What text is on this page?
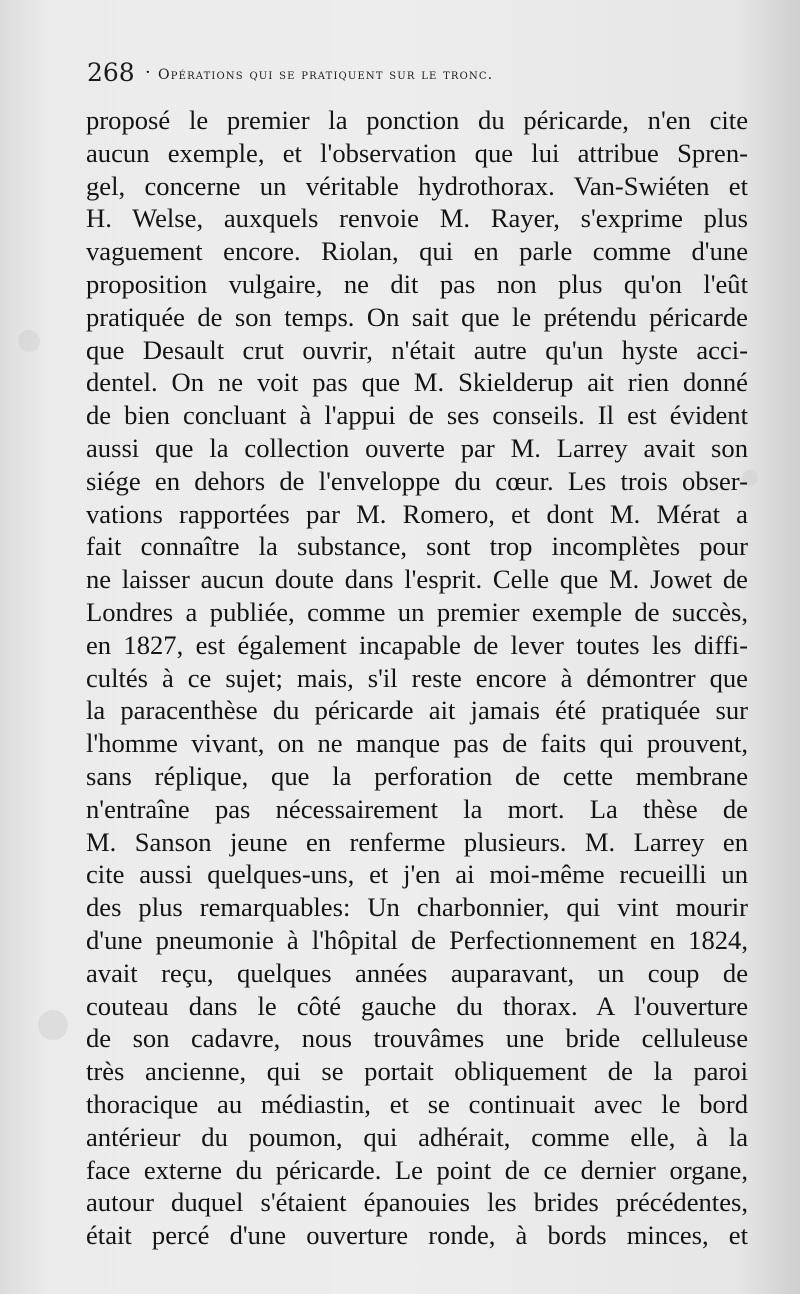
268 · Opérations qui se pratiquent sur le tronc.
proposé le premier la ponction du péricarde, n'en cite
aucun exemple, et l'observation que lui attribue Spren-
gel, concerne un véritable hydrothorax. Van-Swiéten et
H. Welse, auxquels renvoie M. Rayer, s'exprime plus
vaguement encore. Riolan, qui en parle comme d'une
proposition vulgaire, ne dit pas non plus qu'on l'eût
pratiquée de son temps. On sait que le prétendu péricarde
que Desault crut ouvrir, n'était autre qu'un hyste acci-
dentel. On ne voit pas que M. Skielderup ait rien donné
de bien concluant à l'appui de ses conseils. Il est évident
aussi que la collection ouverte par M. Larrey avait son
siége en dehors de l'enveloppe du cœur. Les trois obser-
vations rapportées par M. Romero, et dont M. Mérat a
fait connaître la substance, sont trop incomplètes pour
ne laisser aucun doute dans l'esprit. Celle que M. Jowet de
Londres a publiée, comme un premier exemple de succès,
en 1827, est également incapable de lever toutes les diffi-
cultés à ce sujet; mais, s'il reste encore à démontrer que
la paracenthèse du péricarde ait jamais été pratiquée sur
l'homme vivant, on ne manque pas de faits qui prouvent,
sans réplique, que la perforation de cette membrane
n'entraîne pas nécessairement la mort. La thèse de
M. Sanson jeune en renferme plusieurs. M. Larrey en
cite aussi quelques-uns, et j'en ai moi-même recueilli un
des plus remarquables: Un charbonnier, qui vint mourir
d'une pneumonie à l'hôpital de Perfectionnement en 1824,
avait reçu, quelques années auparavant, un coup de
couteau dans le côté gauche du thorax. A l'ouverture
de son cadavre, nous trouvâmes une bride celluleuse
très ancienne, qui se portait obliquement de la paroi
thoracique au médiastin, et se continuait avec le bord
antérieur du poumon, qui adhérait, comme elle, à la
face externe du péricarde. Le point de ce dernier organe,
autour duquel s'étaient épanouies les brides précédentes,
était percé d'une ouverture ronde, à bords minces, et
